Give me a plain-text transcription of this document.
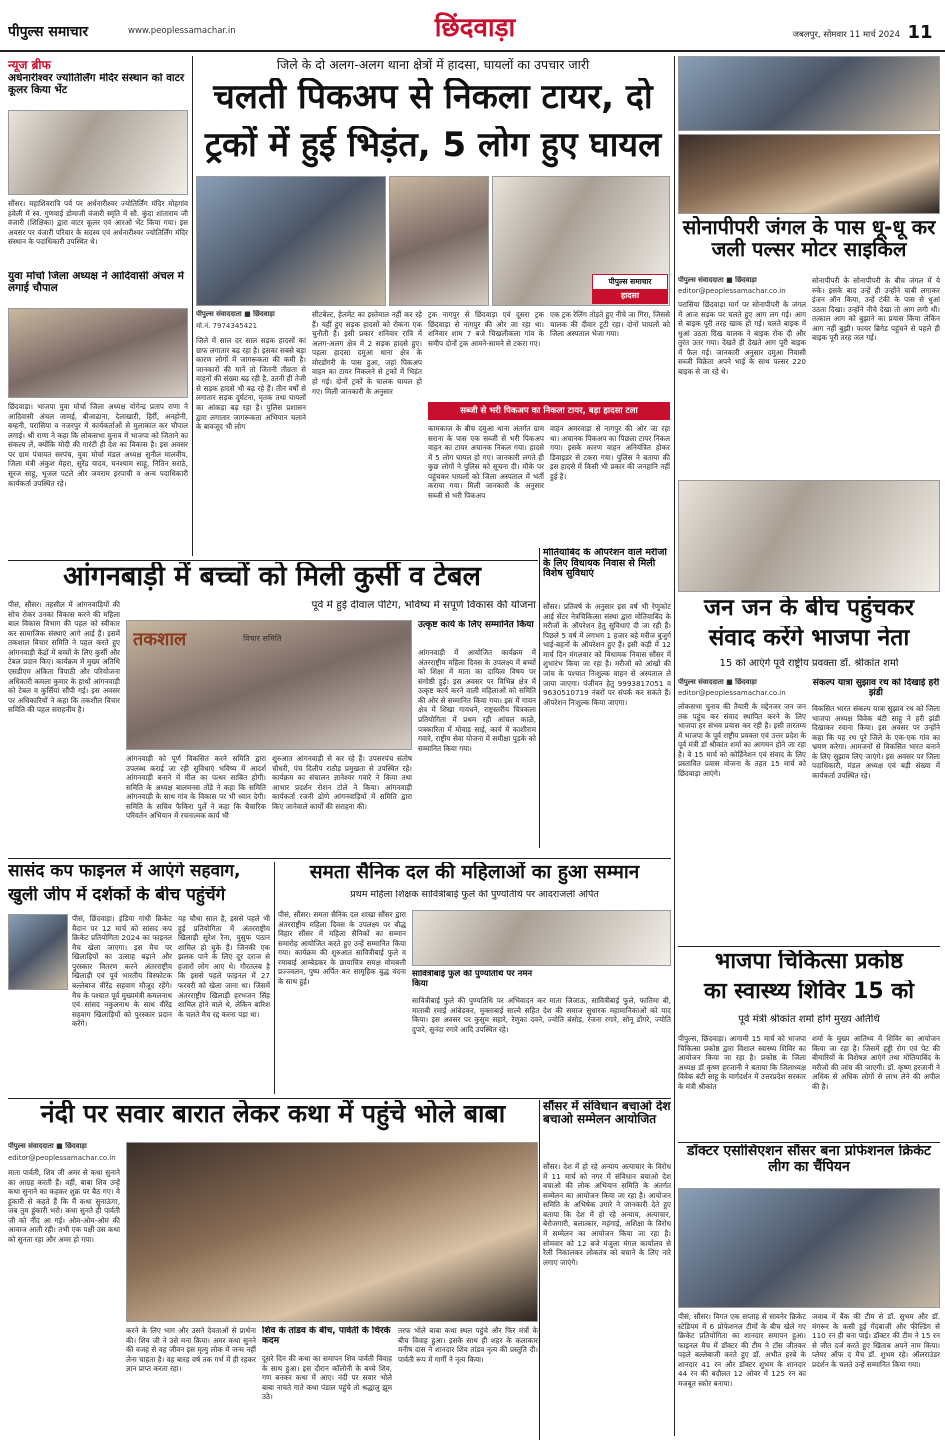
पीपुल्स समाचार	www.peoplessamachar.in	छिंदवाड़ा	जबलपुर, सोमवार 11 मार्च 2024 11
न्यूज ब्रीफ
अर्धनारीश्वर ज्योतिर्लिंग मंदिर संस्थान को वाटर कूलर किया भेंट
सौंसर। महाशिवरात्रि पर्व पर अर्धनारीश्वर ज्योतिर्लिंग मंदिर मोहगांव हवेली में स्व. गुणवाई डोमाजी वंजारी स्मृति में सौ. कुंदा शांताराम जी वंजारी (शिक्षिका) द्वारा वाटर कूलर एवं आरओ भेंट किया गया। इस अवसर पर वंजारी परिवार के सदस्य एवं अर्धनारीश्वर ज्योतिर्लिंग मंदिर संस्थान के पदाधिकारी उपस्थित थे।
युवा मोर्चा जिला अध्यक्ष ने आदिवासी अंचल में लगाई चौपाल
छिंदवाड़ा। भाजपा युवा मोर्चा जिला अध्यक्ष योगेन्द्र प्रताप राणा ने आदिवासी अंचल जामई, बीजाढाना, देलाखारी, हिर्री, अनहोनी, बम्हनी, परासिया व नजरपुर में कार्यकर्ताओं से मुलाकात कर चौपाल लगाई। श्री राणा ने कहा कि लोकसभा चुनाव में भाजपा को जिताने का संकल्प लें, क्योंकि मोदी की गारंटी ही देश का विकास है। इस अवसर पर ग्राम पंचायत सरपंच, युवा मोर्चा मंडल अध्यक्ष सुनील मालवीय, जिला मंत्री अंकुश मेहरा, सुरेंद्र यादव, घनश्याम साहू, नितिन सराठे, सूरज साहू, भूजल पटले और जयराम इरपाची व अन्य पदाधिकारी कार्यकर्ता उपस्थित रहे।
जिले के दो अलग-अलग थाना क्षेत्रों में हादसा, घायलों का उपचार जारी
चलती पिकअप से निकला टायर, दो
ट्रकों में हुई भिड़ंत, 5 लोग हुए घायल
पीपुल्स समाचार
हादसा
पीपुल्स संवाददाता ■ छिंदवाड़ा
मो.नं. 7974345421
जिले में साल दर साल सड़क हादसों का ग्राफ लगातार बढ़ रहा है। इसका सबसे बड़ा कारण लोगों में जागरूकता की कमी है। जानकारों की मानें तो जितनी तीव्रता से वाहनों की संख्या बढ़ रही है, उतनी ही तेजी से सड़क हादसे भी बढ़ रहे हैं। तीन वर्षों से लगातार सड़क दुर्घटना, मृतक तथा घायलों का आंकड़ा बढ़ रहा है। पुलिस प्रशासन द्वारा लगातार जागरूकता अभियान चलाने के बावजूद भी लोग
सीटबेल्ट, हेलमेट का इस्तेमाल नहीं कर रहे हैं। यहीं हुए सड़क हादसों को रोकना एक चुनौती है। इसी प्रकार शनिवार रात्रि में अलग-अलग क्षेत्र में 2 सड़क हादसे हुए। पहला हादसा दमुआ थाना क्षेत्र के मोरडोंगरी के पास हुआ, जहां पिकअप वाहन का टायर निकलने से ट्रकों में भिड़ंत हो गई। दोनों ट्रकों के चालक घायल हो गए। मिली जानकारी के अनुसार
ट्रक नागपुर से छिंदवाड़ा एवं दूसरा ट्रक छिंदवाड़ा से नागपुर की ओर जा रहा था। शनिवार शाम 7 बजे चिखलीकला गांव के समीप दोनों ट्रक आमने-सामने से टकरा गए।
एक ट्रक रेलिंग तोड़ते हुए नीचे जा गिरा, जिससे चालक की दीवार टूटी रहा। दोनों घायलों को जिला अस्पताल भेजा गया।
सब्जी से भरी पिकअप का निकला टायर, बड़ा हादसा टला
कामकाज के बीच दमुआ थाना अंतर्गत ग्राम सराना के पास एक सब्जी से भरी पिकअप वाहन का टायर अचानक निकल गया। हादसे में 5 लोग घायल हो गए। जानकारी लगते ही कुछ लोगों ने पुलिस को सूचना दी। मौके पर पहुंचकर घायलों को जिला अस्पताल में भर्ती कराया गया। मिली जानकारी के अनुसार सब्जी से भरी पिकअप
वाहन अमरवाड़ा से नागपुर की ओर जा रहा था। अचानक पिकअप का पिछला टायर निकल गया। इसके कारण वाहन अनियंत्रित होकर डिवाइडर से टकरा गया। पुलिस ने बताया की इस हादसे में किसी भी प्रकार की जनहानि नहीं हुई है।
सोनापीपरी जंगल के पास धू-धू कर जली पल्सर मोटर साइकिल
पीपुल्स संवाददाता ■ छिंदवाड़ा
editor@peoplessamachar.co.in
परासिया छिंदवाड़ा मार्ग पर सोनापीपरी के जंगल में आज सड़क पर चलते हुए आग लग गई। आग से बाइक पूरी तरह खाक हो गई। चलते बाइक में धुआं उठता दिख चालक ने बाइक रोक दी और तुरंत उतर गया। देखते ही देखते आग पूरी बाइक में फैल गई। जानकारी अनुसार दमुआ निवासी सब्जी विक्रेता अपने भाई के साथ पल्सर 220 बाइक से जा रहे थे।
सोनापीपरी के सोनापीपरी के बीच जंगल में ये रुके। इसके बाद उन्हें ही उन्होंने चाबी लगाकर इंजन ऑन किया, उन्हें टंकी के पास से धुआं उठता दिखा। उन्होंने नीचे देखा तो आग लगी थी। तत्काल आग को बुझाने का प्रयास किया लेकिन आग नहीं बुझी। फायर ब्रिगेड पहुंचने से पहले ही बाइक पूरी तरह जल गई।
आंगनबाड़ी में बच्चों को मिली कुर्सी व टेबल
पूर्व में हुई दीवाल पेंटिंग, भविष्य में सपूर्ण विकास की योजना
पीसं, सौंसर। तहसील में आंगनवाड़ियों की सोच रोकर उनका विकास करने की महिला बाल विकास विभाग की पहल को स्वीकार कर सामाजिक संस्थाएं आगे आई हैं। इसमें तकशाल विचार समिति ने पहल करते हुए आंगनवाड़ी केंद्रों में बच्चों के लिए कुर्सी और टेबल प्रदान किए। कार्यक्रम में मुख्य अतिथि एसडीएम अंकिता त्रिपाठी और परियोजना अधिकारी कमला कुमार के हाथों आंगनवाड़ी को टेबल व कुर्सियां सौंपी गई। इस अवसर पर अधिकारियों ने कहा कि तकशील विचार समिति की पहल सराहनीय है।
तकशाल	विचार समिति
आंगनवाड़ी को पूर्ण विकसित करने समिति द्वारा उपलब्ध कराई जा रही सुविधाएं भविष्य में आदर्श आंगनवाड़ी बनाने में मील का पत्थर साबित होगी। समिति के अध्यक्ष बालमनस तोंडे ने कहा कि समिति आंगनवाड़ी के साथ गांव के विकास पर भी ध्यान देगी। समिति के सचिव फैकिरा पुर्ले ने कहा कि बैचारिक परिवर्तन अभियान में रचनात्मक कार्य भी
शुरुआत आंगनवाड़ी से कर रहे हैं। उपसरपंच संतोष चौधरी, पंच दिलीप राठौड़ प्रमुखता से उपस्थित रहे। कार्यक्रम का संचालन ज्ञानेश्वर गवारे ने किया तथा आभार प्रदर्शन रोशन टोले ने किया। आंगनवाड़ी कार्यकर्ता रजनी ढोणे आंगनवाड़ियों में समिति द्वारा किए जानेवाले कार्यों की सराहना की।
उत्कृष्ट कार्य के लिए सम्मानित किया
आंगनवाड़ी में आयोजित कार्यक्रम में अंतरराष्ट्रीय महिला दिवस के उपलक्ष्य में बच्चों को शिक्षा में माता का दायित्व विषय पर संगोष्ठी हुई। इस अवसर पर विभिन्न क्षेत्र में उत्कृष्ट कार्य करने वाली महिलाओं को समिति की ओर से सम्मानित किया गया। इस में गायन क्षेत्र में शिखा गायधने, राष्ट्रस्तरीय चित्रकला प्रतियोगिता में प्रथम रही आंचल काळे, पत्रकारिता में मोवाड़ साई, कार्य में काशीराम गवारे, राष्ट्रीय सेवा योजना में समीक्षा पुड़के को सम्मानित किया गया।
मोतियाबिंद के ऑपरेशन वाले मरीजों के लिए विधायक निवास से मिली विशेष सुविधाएं
सौंसर। प्रतिवर्ष के अनुसार इस वर्ष भी रेणुकोट आई सेंटर नेत्रचिकित्सा संस्था द्वारा मोतियाबिंद के मरीजों के ऑपरेशन हेतु सुविधाएं दी जा रही हैं। पिछले 5 वर्ष में लगभग 1 हजार बहे मरीज बुजुर्ग भाई-बहनों के ऑपरेशन हुए हैं। इसी कड़ी में 12 मार्च दिन मंगलवार को विधायक निवास सौंसर में शुभारंभ किया जा रहा है। मरीजों को आंखों की जांच के पश्चात निःशुल्क वाहन से अस्पताल ले जाया जाएगा। पंजीयन हेतु 9993817051 व 9630510719 नंबरों पर संपर्क कर सकते हैं। ऑपरेशन निःशुल्क किया जाएगा।
जन जन के बीच पहुंचकर
संवाद करेंगे भाजपा नेता
15 को आएंगे पूर्व राष्ट्रीय प्रवक्ता डॉ. श्रीकांत शर्मा
पीपुल्स संवाददाता ■ छिंदवाड़ा
editor@peoplessamachar.co.in
लोकसभा चुनाव की तैयारी के मद्देनजर जन जन तक पहुंच कर संवाद स्थापित करने के लिए भाजपा हर संभव प्रयास कर रही है। इसी तारतम्य में भाजपा के पूर्व राष्ट्रीय प्रवक्ता एवं उत्तर प्रदेश के पूर्व मंत्री डॉ श्रीकांत शर्मा का आगमन होने जा रहा है। वे 15 मार्च को कोर्डिनेशन एवं संवाद के लिए प्रस्तावित प्रवास योजना के तहत 15 मार्च को छिंदवाड़ा आएंगे।
संकल्प यात्रा सुझाव रथ को दिखाई हरी झंडी
विकसित भारत संकल्प यात्रा सुझाव रथ को जिला भाजपा अध्यक्ष विवेक बंटी साहू ने हरी झंडी दिखाकर रवाना किया। इस अवसर पर उन्होंने कहा कि यह रथ पूरे जिले के एक-एक गांव का भ्रमण करेगा। आमजनों से विकसित भारत बनाने के लिए सुझाव लिए जाएंगे। इस अवसर पर जिला पदाधिकारी, मंडल अध्यक्ष एवं बड़ी संख्या में कार्यकर्ता उपस्थित रहे।
भाजपा चिकित्सा प्रकोष्ठ
का स्वास्थ्य शिविर 15 को
पूर्व मंत्री श्रीकांत शर्मा होंगे मुख्य अतिथि
पीपुल्स, छिंदवाड़ा। आगामी 15 मार्च को भाजपा चिकित्सा प्रकोष्ठ द्वारा विशाल स्वास्थ्य शिविर का आयोजन किया जा रहा है। प्रकोष्ठ के जिला अध्यक्ष डॉ कृष्ण हरजानी ने बताया कि जिलाध्यक्ष विवेक बंटी साहू के मार्गदर्शन में उत्तरप्रदेश सरकार के मंत्री श्रीकांत
शर्मा के मुख्य आतिथ्य में शिविर का आयोजन किया जा रहा है। जिसमें हड्डी रोग एवं पेट की बीमारियों के विशेषज्ञ आएंगे तथा मोतियाबिंद के मरीजों की जांच की जाएगी। डॉ. कृष्ण हरजानी ने अधिक से अधिक लोगों से लाभ लेने की अपील की है।
सासंद कप फाइनल में आएंगे सहवाग,
खुली जीप में दर्शकों के बीच पहुंचेंगे
पीसं, छिंदवाड़ा। इंडिया गांधी क्रिकेट मैदान पर 12 मार्च को सांसद कप क्रिकेट प्रतियोगिता 2024 का फाइनल मैच खेला जाएगा। इस मैच पर खिलाड़ियों का उत्साह बढ़ाने और पुरस्कार वितरण करने अंतरराष्ट्रीय खिलाड़ी एवं पूर्व भारतीय विस्फोटक बल्लेबाज वीरेंद्र सहवाग मौजूद रहेंगे। मैच के पश्चात पूर्व मुख्यमंत्री कमलनाथ एवं सांसद नकुलनाथ के साथ वीरेंद्र सहवाग खिलाड़ियों को पुरस्कार प्रदान करेंगे।
यह चौथा साल है, इससे पहले भी हुई प्रतियोगिता में अंतरराष्ट्रीय खिलाड़ी सुरेश रैना, युसुफ पठान शामिल हो चुके हैं। जिनकी एक झलक पाने के लिए दूर दराज से हजारों लोग आए थे। गौरतलब है कि इससे पहले फाइनल में 27 फरवरी को खेला जाना था। जिसमें अंतरराष्ट्रीय खिलाड़ी हरभजन सिंह शामिल होने वाले थे, लेकिन बारिश के चलते मैच रद्द करना पड़ा था।
समता सैनिक दल की महिलाओं का हुआ सम्मान
प्रथम महिला शिक्षक सावित्रीबाई फुले की पुण्यतिथि पर आदरांजली अर्पित
पीसं, सौंसर। समता सैनिक दल शाखा सौंसर द्वारा अंतरराष्ट्रीय महिला दिवस के उपलक्ष्य पर बौद्ध विहार सौंसर में महिला सैनिकों का सम्मान समारोह आयोजित करते हुए उन्हें सम्मानित किया गया। कार्यक्रम की शुरुआत सावित्रीबाई फुले व रमाबाई आम्बेडकर के छायाचित्र समक्ष मोमबत्ती प्रज्ज्वलन, पुष्प अर्पित कर सामूहिक बुद्ध वंदना के साथ हुई।
सावित्रीबाई फुले की पुण्यतिथि पर नमन किया
सावित्रीबाई फुले की पुण्यतिथि पर अभिवादन कर माता जिजाऊ, सावित्रीबाई फुले, फातिमा बी, माताबी रमाई आंबेडकर, मुक्ताबाई साल्वे सहित देश की समाज सुधारक महामानिकाओं को याद किया। इस अवसर पर कुसुम सहारे, रेणुका दवने, ज्योति बंसोड़, रंजना रगारे, सोनू डोंगरे, ज्योति दुपारे, सुनंदा रगारे आदि उपस्थित रहे।
नंदी पर सवार बारात लेकर कथा में पहुंचे भोले बाबा
पीपुल्स संवाददाता ■ छिंदवाड़ा
editor@peoplessamachar.co.in
माता पार्वती, शिव जी अमर से कथा सुनाने का आग्रह करती हैं। वहीं, बाबा शिव उन्हें कथा सुनाने का कहकर शुक्र पर बैठ गए। वे हुंकारी से कहते हैं कि मैं कथा सुनाऊंगा, जब तुम हुंकारी भरो। कथा सुनते ही पार्वती जी को नींद आ गई। ओम-ओम-ओम की आवाज आती रही। तभी एक पक्षी उस कथा को सुनता रहा और अमर हो गया।
करने के लिए भाग और उसने देवताओं से प्रार्थना की। शिव जी ने उसे मना किया। अमर कथा सुनने की वजह से वह जीवन इस मृत्यु लोक में जन्म नहीं लेना चाहता है। वह बारह वर्ष तक गर्भ में ही रहकर ज्ञान प्राप्त करता रहा।
शिव के तांडव के बीच, पार्वती के थिरके कदम
दूसरे दिन की कथा का समापन शिव पार्वती विवाह के साथ हुआ। इस दौरान कॉलोनी के बच्चे शिव, गण बनकर कथा में आए। नंदी पर सवार भोले बाबा नाचते गाते कथा पंडाल पहुंचे तो श्रद्धालु झूम उठे।
तरफ भोले बाबा कथा स्थल पहुंचे और फिर मंत्रों के बीच विवाह हुआ। इसके साथ ही शहर के कलाकार मनीष दास ने शानदार शिव तांडव नृत्य की प्रस्तुति दी। पार्वती रूप में गार्गी ने नृत्य किया।
सौंसर में संविधान बचाओ देश बचाओ सम्मेलन आयोजित
सौंसर। देश में हो रहे अन्याय अत्याचार के विरोध में 11 मार्च को नगर में संविधान बचाओ देश बचाओ की लोक अभियान समिति के अंतर्गत सम्मेलन का आयोजन किया जा रहा है। आयोजन समिति के अभिषेक उगारे ने जानकारी देते हुए बताया कि देश में हो रहे अन्याय, अत्याचार, बेरोजगारी, बलात्कार, महंगाई, अशिक्षा के विरोध में सम्मेलन का आयोजन किया जा रहा है। सोमवार को 12 बजे मंजुला मंगल कार्यालय से रैली निकालकर लोकतंत्र को बचाने के लिए नारे लगाए जाएंगे।
डॉक्टर एसोसिएशन सौंसर बना प्रोफेशनल क्रिकेट लीग का चैंपियन
पीसं, सौंसर। विगत एक सप्ताह से सावनेर क्रिकेट स्टेडियम में 6 प्रोफेशनल टीमों के बीच खेले गए क्रिकेट प्रतियोगिता का शानदार समापन हुआ। फाइनल मैच में डॉक्टर की टीम ने टॉस जीतकर पहले बल्लेबाजी करते हुए डॉ. अभीत हरबे के शानदार 41 रन और डॉक्टर शुभम के शानदार 44 रन की बदौलत 12 ओवर में 125 रन का मजबूत स्कोर बनाया।
जवाब में बैंक की टीम से डॉ. सुभम और डॉ. मंगरूर के कसी हुई गेंदबाजी और फील्डिंग से 110 रन ही बना पाई। डॉक्टर की टीम ने 15 रन से जीत दर्ज करते हुए खिताब अपने नाम किया। प्लेयर ऑफ द मैच डॉ. शुभम रहे। ऑलराउंडर प्रदर्शन के चलते उन्हें सम्मानित किया गया।
